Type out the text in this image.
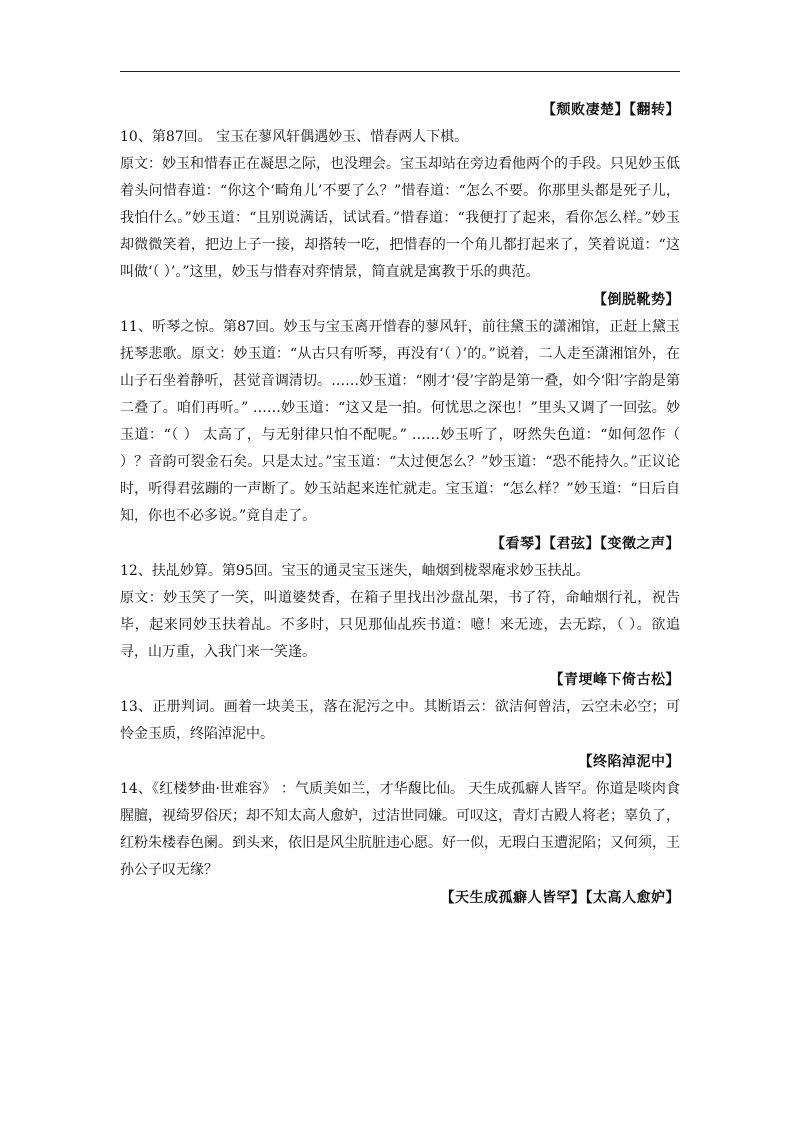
【颓败凄楚】【翻转】

10、第87回。 宝玉在蓼风轩偶遇妙玉、惜春两人下棋。

原文：妙玉和惜春正在凝思之际，也没理会。宝玉却站在旁边看他两个的手段。只见妙玉低着头问惜春道：“你这个‘畸角儿’不要了么？”惜春道：“怎么不要。你那里头都是死子儿，我怕什么。”妙玉道：“且别说满话，试试看。”惜春道：“我便打了起来，看你怎么样。”妙玉却微微笑着，把边上子一接，却搭转一吃，把惜春的一个角儿都打起来了，笑着说道：“这叫做‘（ ）’。”这里，妙玉与惜春对弈情景，简直就是寓教于乐的典范。

【倒脱靴势】

11、听琴之惊。第87回。妙玉与宝玉离开惜春的蓼风轩，前往黛玉的潇湘馆，正赶上黛玉抚琴悲歌。原文：妙玉道：“从古只有听琴，再没有‘（ ）’的。”说着，二人走至潇湘馆外，在山子石坐着静听，甚觉音调清切。……妙玉道：“刚才‘侵’字韵是第一叠，如今‘阳’字韵是第二叠了。咱们再听。” ……妙玉道：“这又是一拍。何忧思之深也！”里头又调了一回弦。妙玉道：“（ ） 太高了，与无射律只怕不配呢。” ……妙玉听了，呀然失色道：“如何忽作（ ）？音韵可裂金石矣。只是太过。”宝玉道：“太过便怎么？”妙玉道：“恐不能持久。”正议论时，听得君弦蹦的一声断了。妙玉站起来连忙就走。宝玉道：“怎么样？”妙玉道：“日后自知，你也不必多说。”竟自走了。

【看琴】【君弦】【变徵之声】

12、扶乩妙算。第95回。宝玉的通灵宝玉迷失，岫烟到栊翠庵求妙玉扶乩。

原文：妙玉笑了一笑，叫道婆焚香，在箱子里找出沙盘乩架，书了符，命岫烟行礼，祝告毕，起来同妙玉扶着乩。不多时，只见那仙乩疾书道：噫！来无迹，去无踪，（ ）。欲追寻，山万重，入我门来一笑逢。

【青埂峰下倚古松】

13、正册判词。画着一块美玉，落在泥污之中。其断语云：欲洁何曾洁，云空未必空；可怜金玉质，终陷淖泥中。

【终陷淖泥中】

14、《红楼梦曲·世难容》 ：气质美如兰，才华馥比仙。 天生成孤癖人皆罕。你道是啖肉食腥膻，视绮罗俗厌；却不知太高人愈妒，过洁世同嫌。可叹这，青灯古殿人将老；辜负了，红粉朱楼春色阑。到头来，依旧是风尘肮脏违心愿。好一似，无瑕白玉遭泥陷；又何须，王孙公子叹无缘？

【天生成孤癖人皆罕】【太高人愈妒】
